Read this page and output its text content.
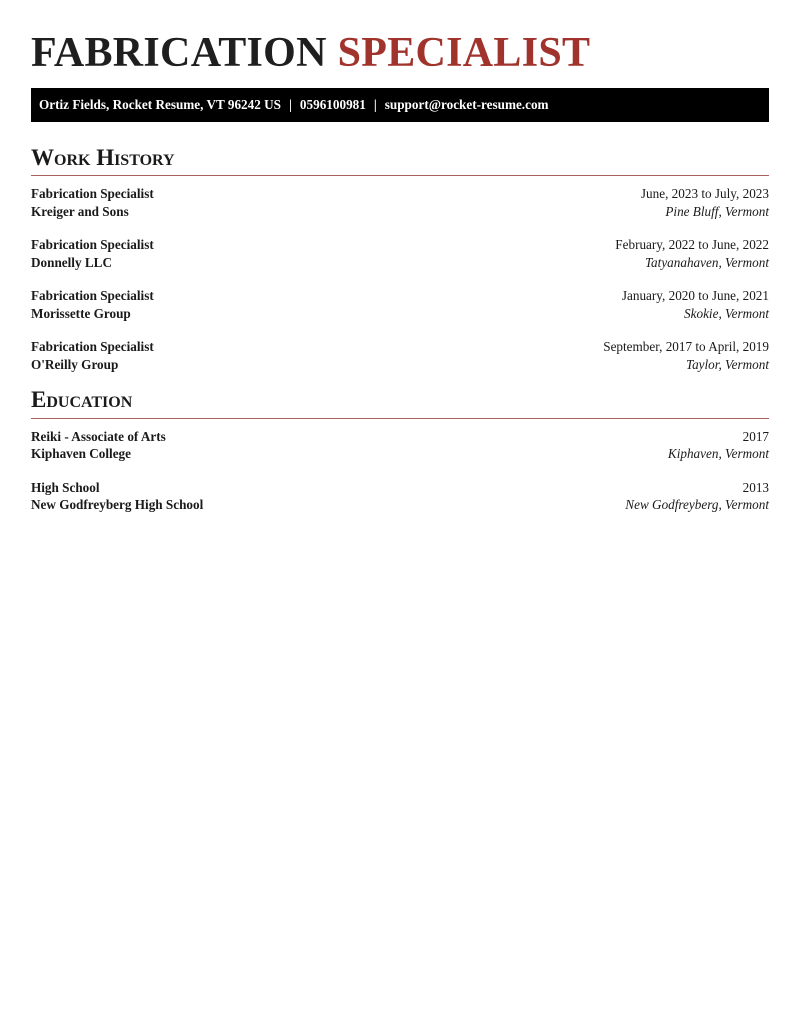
FABRICATION SPECIALIST
Ortiz Fields, Rocket Resume, VT 96242 US | 0596100981 | support@rocket-resume.com
Work History
Fabrication Specialist	June, 2023 to July, 2023
Kreiger and Sons	Pine Bluff, Vermont
Fabrication Specialist	February, 2022 to June, 2022
Donnelly LLC	Tatyanahaven, Vermont
Fabrication Specialist	January, 2020 to June, 2021
Morissette Group	Skokie, Vermont
Fabrication Specialist	September, 2017 to April, 2019
O'Reilly Group	Taylor, Vermont
Education
Reiki - Associate of Arts	2017
Kiphaven College	Kiphaven, Vermont
High School	2013
New Godfreyberg High School	New Godfreyberg, Vermont
